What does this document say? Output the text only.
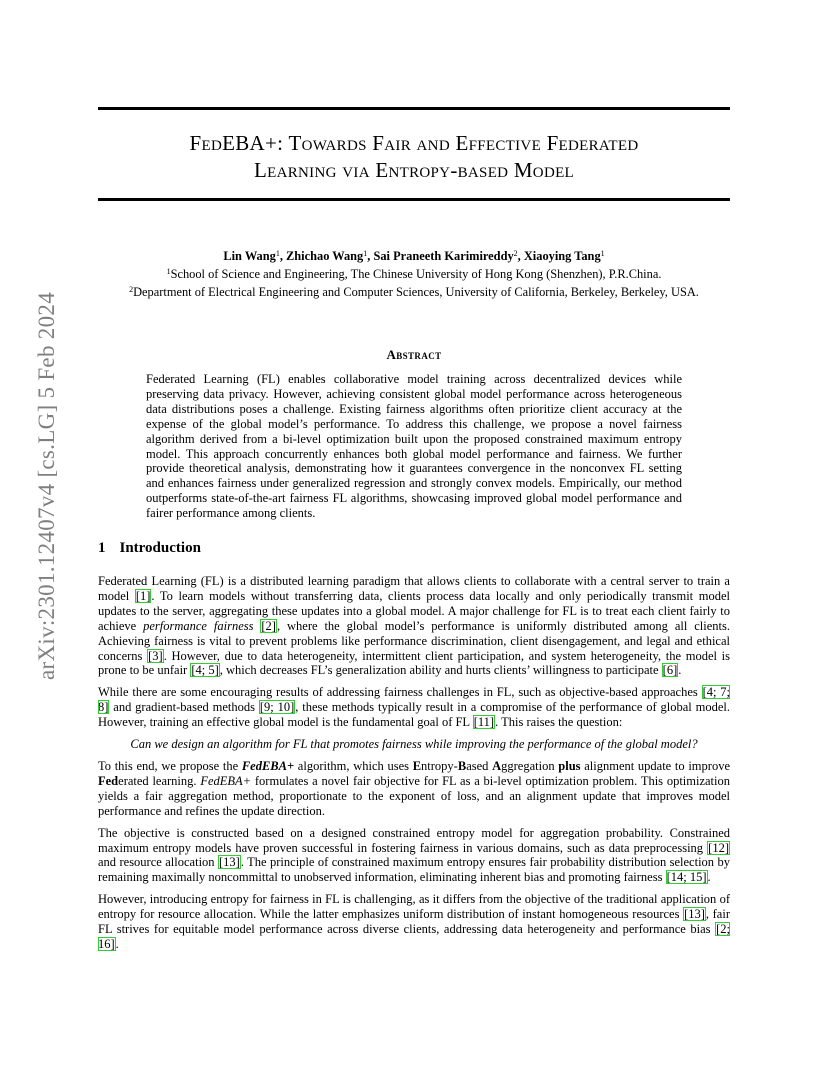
FedEBA+: Towards Fair and Effective Federated
Learning via Entropy-based Model
Lin Wang$^1$, Zhichao Wang$^1$, Sai Praneeth Karimireddy$^2$, Xiaoying Tang$^1$
$^1$School of Science and Engineering, The Chinese University of Hong Kong (Shenzhen), P.R.China.
$^2$Department of Electrical Engineering and Computer Sciences, University of California, Berkeley, Berkeley, USA.
arXiv:2301.12407v4 [cs.LG] 5 Feb 2024	Abstract
Federated Learning (FL) enables collaborative model training across decentralized devices while preserving data privacy. However, achieving consistent global model performance across heterogeneous data distributions poses a challenge. Existing fairness algorithms often prioritize client accuracy at the expense of the global model’s performance. To address this challenge, we propose a novel fairness algorithm derived from a bi-level optimization built upon the proposed constrained maximum entropy model. This approach concurrently enhances both global model performance and fairness. We further provide theoretical analysis, demonstrating how it guarantees convergence in the nonconvex FL setting and enhances fairness under generalized regression and strongly convex models. Empirically, our method outperforms state-of-the-art fairness FL algorithms, showcasing improved global model performance and fairer performance among clients.
1 Introduction

Federated Learning (FL) is a distributed learning paradigm that allows clients to collaborate with a central server to train a model [1]. To learn models without transferring data, clients process data locally and only periodically transmit model updates to the server, aggregating these updates into a global model. A major challenge for FL is to treat each client fairly to achieve performance fairness [2], where the global model’s performance is uniformly distributed among all clients. Achieving fairness is vital to prevent problems like performance discrimination, client disengagement, and legal and ethical concerns [3]. However, due to data heterogeneity, intermittent client participation, and system heterogeneity, the model is prone to be unfair [4; 5], which decreases FL’s generalization ability and hurts clients’ willingness to participate [6].

While there are some encouraging results of addressing fairness challenges in FL, such as objective-based approaches [4; 7; 8] and gradient-based methods [9; 10], these methods typically result in a compromise of the performance of global model. However, training an effective global model is the fundamental goal of FL [11]. This raises the question:

Can we design an algorithm for FL that promotes fairness while improving the performance of the global model?

To this end, we propose the FedEBA+ algorithm, which uses Entropy-Based Aggregation plus alignment update to improve Federated learning. FedEBA+ formulates a novel fair objective for FL as a bi-level optimization problem. This optimization yields a fair aggregation method, proportionate to the exponent of loss, and an alignment update that improves model performance and refines the update direction.

The objective is constructed based on a designed constrained entropy model for aggregation probability. Constrained maximum entropy models have proven successful in fostering fairness in various domains, such as data preprocessing [12] and resource allocation [13]. The principle of constrained maximum entropy ensures fair probability distribution selection by remaining maximally noncommittal to unobserved information, eliminating inherent bias and promoting fairness [14; 15].

However, introducing entropy for fairness in FL is challenging, as it differs from the objective of the traditional application of entropy for resource allocation. While the latter emphasizes uniform distribution of instant homogeneous resources [13], fair FL strives for equitable model performance across diverse clients, addressing data heterogeneity and performance bias [2; 16].
